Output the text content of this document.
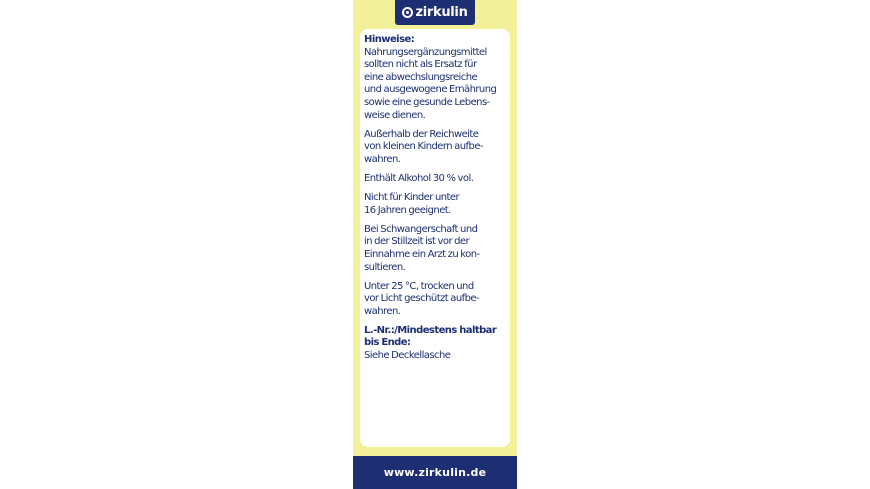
zirkulin

Hinweise:
Nahrungsergänzungsmittel
sollten nicht als Ersatz für
eine abwechslungsreiche
und ausgewogene Ernährung
sowie eine gesunde Lebens-
weise dienen.

Außerhalb der Reichweite
von kleinen Kindern aufbe-
wahren.

Enthält Alkohol 30 % vol.

Nicht für Kinder unter
16 Jahren geeignet.

Bei Schwangerschaft und
in der Stillzeit ist vor der
Einnahme ein Arzt zu kon-
sultieren.

Unter 25 °C, trocken und
vor Licht geschützt aufbe-
wahren.

L.-Nr.:/Mindestens haltbar
bis Ende:
Siehe Deckellasche

www.zirkulin.de
